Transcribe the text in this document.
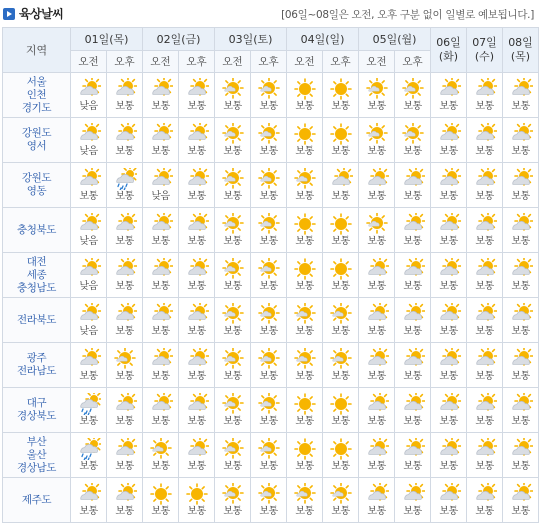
육상날씨	[06일~08일은 오전, 오후 구분 없이 일별로 예보됩니다.]
지역	01일(목)		02일(금)		03일(토)		04일(일)		05일(월)		06일
(화)	07일
(수)	08일
(목)
	오전	오후	오전	오후	오전	오후	오전	오후	오전	오후			

서울
인천
경기도	낮음	보통	보통	보통	보통	보통	보통	보통	보통	보통	보통	보통	보통

강원도
영서	낮음	보통	보통	보통	보통	보통	보통	보통	보통	보통	보통	보통	보통

강원도
영동	보통	보통	낮음	보통	보통	보통	보통	보통	보통	보통	보통	보통	보통

충청북도	낮음	보통	보통	보통	보통	보통	보통	보통	보통	보통	보통	보통	보통

대전
세종
충청남도	낮음	보통	보통	보통	보통	보통	보통	보통	보통	보통	보통	보통	보통

전라북도	낮음	보통	보통	보통	보통	보통	보통	보통	보통	보통	보통	보통	보통

광주
전라남도	보통	보통	보통	보통	보통	보통	보통	보통	보통	보통	보통	보통	보통

대구
경상북도	보통	보통	보통	보통	보통	보통	보통	보통	보통	보통	보통	보통	보통

부산
울산
경상남도	보통	보통	보통	보통	보통	보통	보통	보통	보통	보통	보통	보통	보통

제주도	보통	보통	보통	보통	보통	보통	보통	보통	보통	보통	보통	보통	보통
